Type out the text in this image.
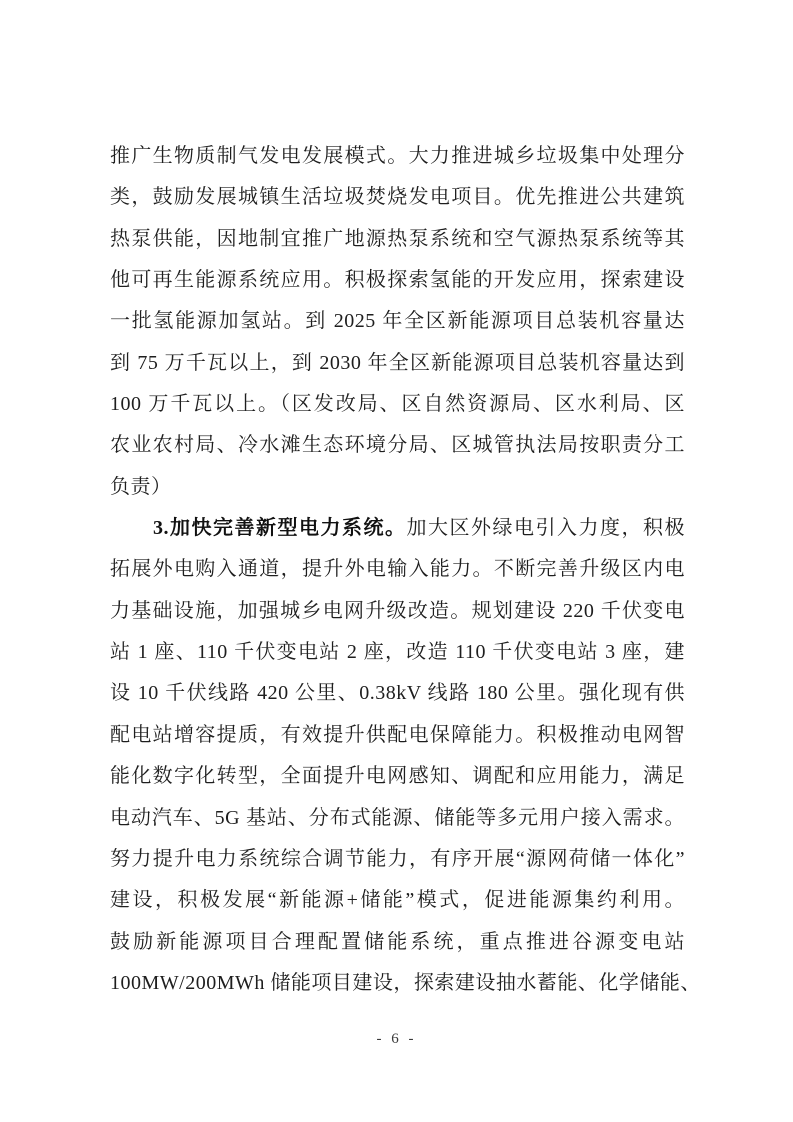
推广生物质制气发电发展模式。大力推进城乡垃圾集中处理分
类，鼓励发展城镇生活垃圾焚烧发电项目。优先推进公共建筑
热泵供能，因地制宜推广地源热泵系统和空气源热泵系统等其
他可再生能源系统应用。积极探索氢能的开发应用，探索建设
一批氢能源加氢站。到 2025 年全区新能源项目总装机容量达
到 75 万千瓦以上，到 2030 年全区新能源项目总装机容量达到
100 万千瓦以上。（区发改局、区自然资源局、区水利局、区
农业农村局、冷水滩生态环境分局、区城管执法局按职责分工
负责）
3.加快完善新型电力系统。加大区外绿电引入力度，积极
拓展外电购入通道，提升外电输入能力。不断完善升级区内电
力基础设施，加强城乡电网升级改造。规划建设 220 千伏变电
站 1 座、110 千伏变电站 2 座，改造 110 千伏变电站 3 座，建
设 10 千伏线路 420 公里、0.38kV 线路 180 公里。强化现有供
配电站增容提质，有效提升供配电保障能力。积极推动电网智
能化数字化转型，全面提升电网感知、调配和应用能力，满足
电动汽车、5G 基站、分布式能源、储能等多元用户接入需求。
努力提升电力系统综合调节能力，有序开展“源网荷储一体化”
建设，积极发展“新能源+储能”模式，促进能源集约利用。
鼓励新能源项目合理配置储能系统，重点推进谷源变电站
100MW/200MWh 储能项目建设，探索建设抽水蓄能、化学储能、
- 6 -
